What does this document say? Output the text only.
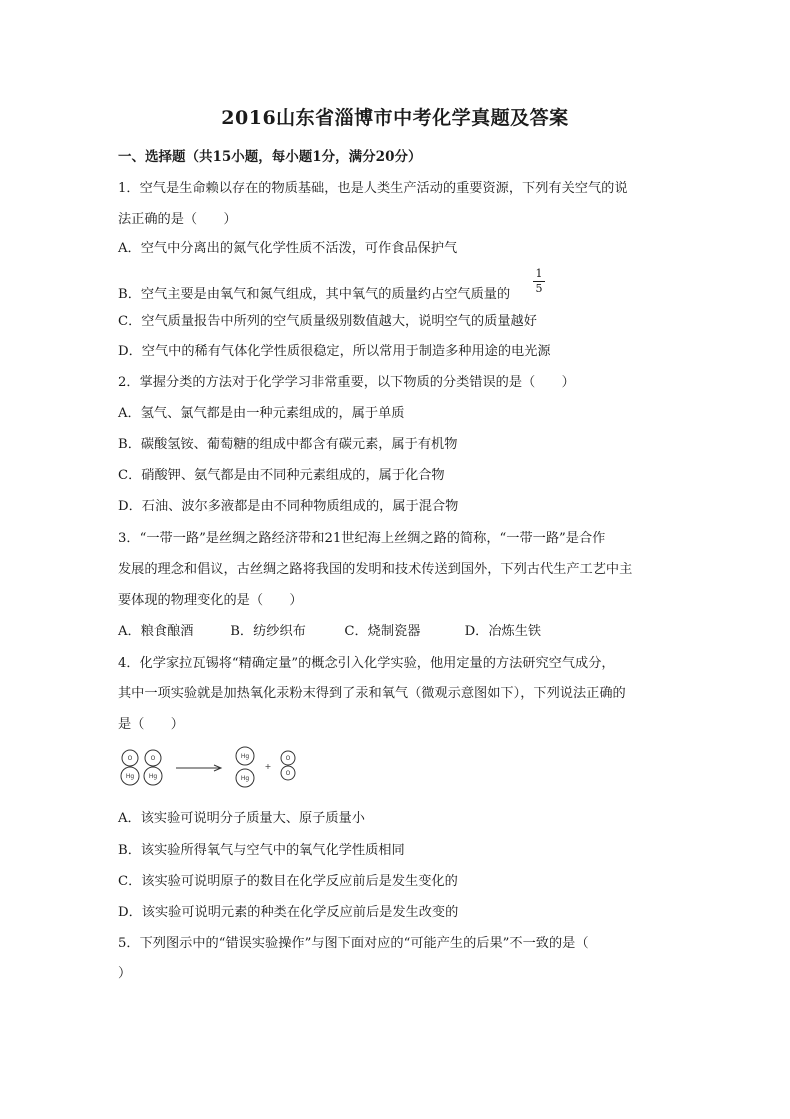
2016山东省淄博市中考化学真题及答案
一、选择题（共15小题，每小题1分，满分20分）
1．空气是生命赖以存在的物质基础，也是人类生产活动的重要资源，下列有关空气的说
法正确的是（　　）
A．空气中分离出的氮气化学性质不活泼，可作食品保护气
B．空气主要是由氧气和氮气组成，其中氧气的质量约占空气质量的
1
5
C．空气质量报告中所列的空气质量级别数值越大，说明空气的质量越好
D．空气中的稀有气体化学性质很稳定，所以常用于制造多种用途的电光源
2．掌握分类的方法对于化学学习非常重要，以下物质的分类错误的是（　　）
A．氢气、氯气都是由一种元素组成的，属于单质
B．碳酸氢铵、葡萄糖的组成中都含有碳元素，属于有机物
C．硝酸钾、氨气都是由不同种元素组成的，属于化合物
D．石油、波尔多液都是由不同种物质组成的，属于混合物
3．“一带一路”是丝绸之路经济带和21世纪海上丝绸之路的简称，“一带一路”是合作
发展的理念和倡议，古丝绸之路将我国的发明和技术传送到国外，下列古代生产工艺中主
要体现的物理变化的是（　　）
A．粮食酿酒	B．纺纱织布	C．烧制瓷器	D．冶炼生铁
4．化学家拉瓦锡将“精确定量”的概念引入化学实验，他用定量的方法研究空气成分，
其中一项实验就是加热氧化汞粉末得到了汞和氧气（微观示意图如下），下列说法正确的
是（　　）
O
Hg
O
Hg
Hg
Hg
O
O
+
A．该实验可说明分子质量大、原子质量小
B．该实验所得氧气与空气中的氧气化学性质相同
C．该实验可说明原子的数目在化学反应前后是发生变化的
D．该实验可说明元素的种类在化学反应前后是发生改变的
5．下列图示中的“错误实验操作”与图下面对应的“可能产生的后果”不一致的是（
）
